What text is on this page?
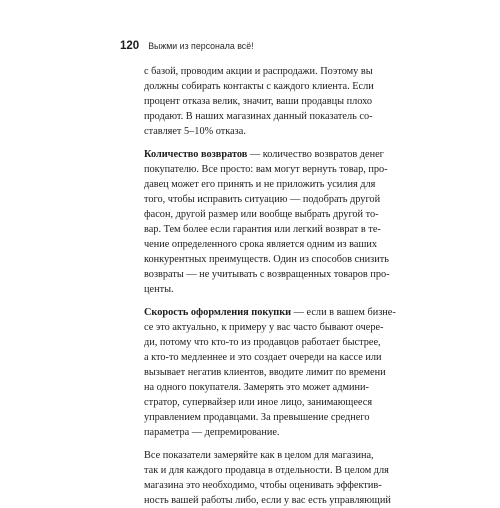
120 Выжми из персонала всё!
с базой, проводим акции и распродажи. Поэтому вы
должны собирать контакты с каждого клиента. Если
процент отказа велик, значит, ваши продавцы плохо
продают. В наших магазинах данный показатель со-
ставляет 5–10% отказа.
Количество возвратов — количество возвратов денег
покупателю. Все просто: вам могут вернуть товар, про-
давец может его принять и не приложить усилия для
того, чтобы исправить ситуацию — подобрать другой
фасон, другой размер или вообще выбрать другой то-
вар. Тем более если гарантия или легкий возврат в те-
чение определенного срока является одним из ваших
конкурентных преимуществ. Один из способов снизить
возвраты — не учитывать с возвращенных товаров про-
центы.
Скорость оформления покупки — если в вашем бизне-
се это актуально, к примеру у вас часто бывают очере-
ди, потому что кто-то из продавцов работает быстрее,
а кто-то медленнее и это создает очереди на кассе или
вызывает негатив клиентов, вводите лимит по времени
на одного покупателя. Замерять это может админи-
стратор, супервайзер или иное лицо, занимающееся
управлением продавцами. За превышение среднего
параметра — депремирование.
Все показатели замеряйте как в целом для магазина,
так и для каждого продавца в отдельности. В целом для
магазина это необходимо, чтобы оценивать эффектив-
ность вашей работы либо, если у вас есть управляющий
